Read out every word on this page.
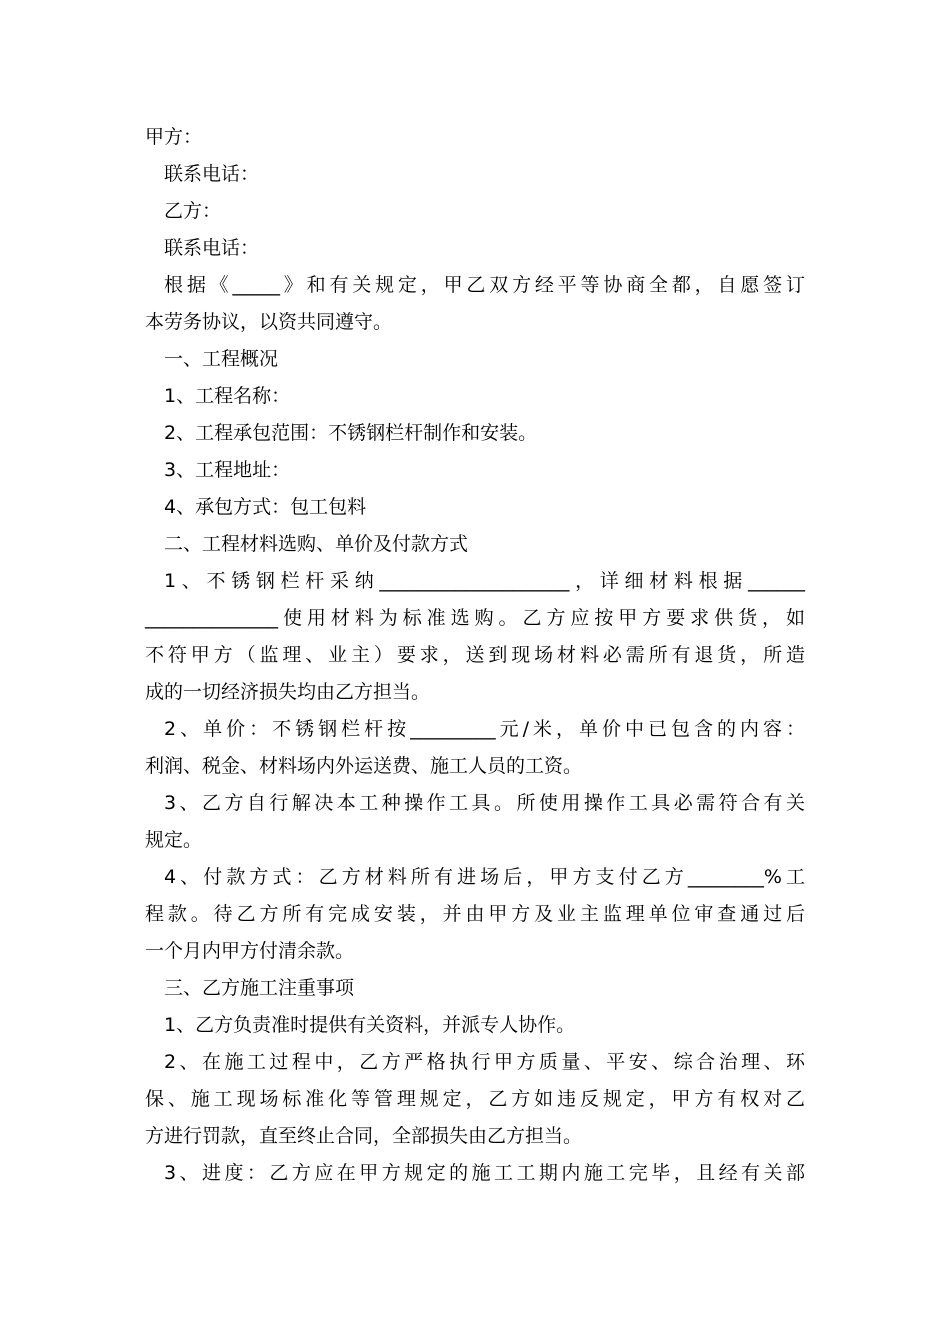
甲方：
联系电话：
乙方：
联系电话：
根据《_____》和有关规定，甲乙双方经平等协商全都，自愿签订
本劳务协议，以资共同遵守。
一、工程概况
1、工程名称：
2、工程承包范围：不锈钢栏杆制作和安装。
3、工程地址：
4、承包方式：包工包料
二、工程材料选购、单价及付款方式
1、不锈钢栏杆采纳____________________，详细材料根据______
______________使用材料为标准选购。乙方应按甲方要求供货，如
不符甲方（监理、业主）要求，送到现场材料必需所有退货，所造
成的一切经济损失均由乙方担当。
2、单价：不锈钢栏杆按_________元/米，单价中已包含的内容：
利润、税金、材料场内外运送费、施工人员的工资。
3、乙方自行解决本工种操作工具。所使用操作工具必需符合有关
规定。
4、付款方式：乙方材料所有进场后，甲方支付乙方________%工
程款。待乙方所有完成安装，并由甲方及业主监理单位审查通过后
一个月内甲方付清余款。
三、乙方施工注重事项
1、乙方负责准时提供有关资料，并派专人协作。
2、在施工过程中，乙方严格执行甲方质量、平安、综合治理、环
保、施工现场标准化等管理规定，乙方如违反规定，甲方有权对乙
方进行罚款，直至终止合同，全部损失由乙方担当。
3、进度：乙方应在甲方规定的施工工期内施工完毕，且经有关部
